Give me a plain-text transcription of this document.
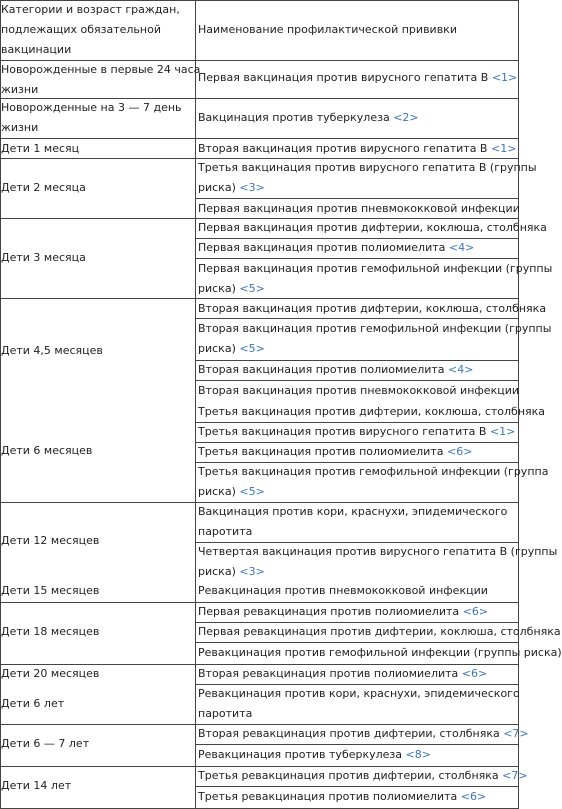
Категории и возраст граждан,
подлежащих обязательной
вакцинации
Наименование профилактической прививки
Новорожденные в первые 24 часа
жизни
Новорожденные на 3 — 7 день
жизни
Дети 1 месяц
Дети 2 месяца
Дети 3 месяца
Дети 4,5 месяцев
Дети 6 месяцев
Дети 12 месяцев
Дети 15 месяцев
Дети 18 месяцев
Дети 20 месяцев
Дети 6 лет
Дети 6 — 7 лет
Дети 14 лет
Первая вакцинация против вирусного гепатита В <1>
Вакцинация против туберкулеза <2>
Вторая вакцинация против вирусного гепатита В <1>
Третья вакцинация против вирусного гепатита В (группы
риска) <3>
Первая вакцинация против пневмококковой инфекции
Первая вакцинация против дифтерии, коклюша, столбняка
Первая вакцинация против полиомиелита <4>
Первая вакцинация против гемофильной инфекции (группы
риска) <5>
Вторая вакцинация против дифтерии, коклюша, столбняка
Вторая вакцинация против гемофильной инфекции (группы
риска) <5>
Вторая вакцинация против полиомиелита <4>
Вторая вакцинация против пневмококковой инфекции
Третья вакцинация против дифтерии, коклюша, столбняка
Третья вакцинация против вирусного гепатита В <1>
Третья вакцинация против полиомиелита <6>
Третья вакцинация против гемофильной инфекции (группа
риска) <5>
Вакцинация против кори, краснухи, эпидемического
паротита
Четвертая вакцинация против вирусного гепатита В (группы
риска) <3>
Ревакцинация против пневмококковой инфекции
Первая ревакцинация против полиомиелита <6>
Первая ревакцинация против дифтерии, коклюша, столбняка
Ревакцинация против гемофильной инфекции (группы риска)
Вторая ревакцинация против полиомиелита <6>
Ревакцинация против кори, краснухи, эпидемического
паротита
Вторая ревакцинация против дифтерии, столбняка <7>
Ревакцинация против туберкулеза <8>
Третья ревакцинация против дифтерии, столбняка <7>
Третья ревакцинация против полиомиелита <6>
